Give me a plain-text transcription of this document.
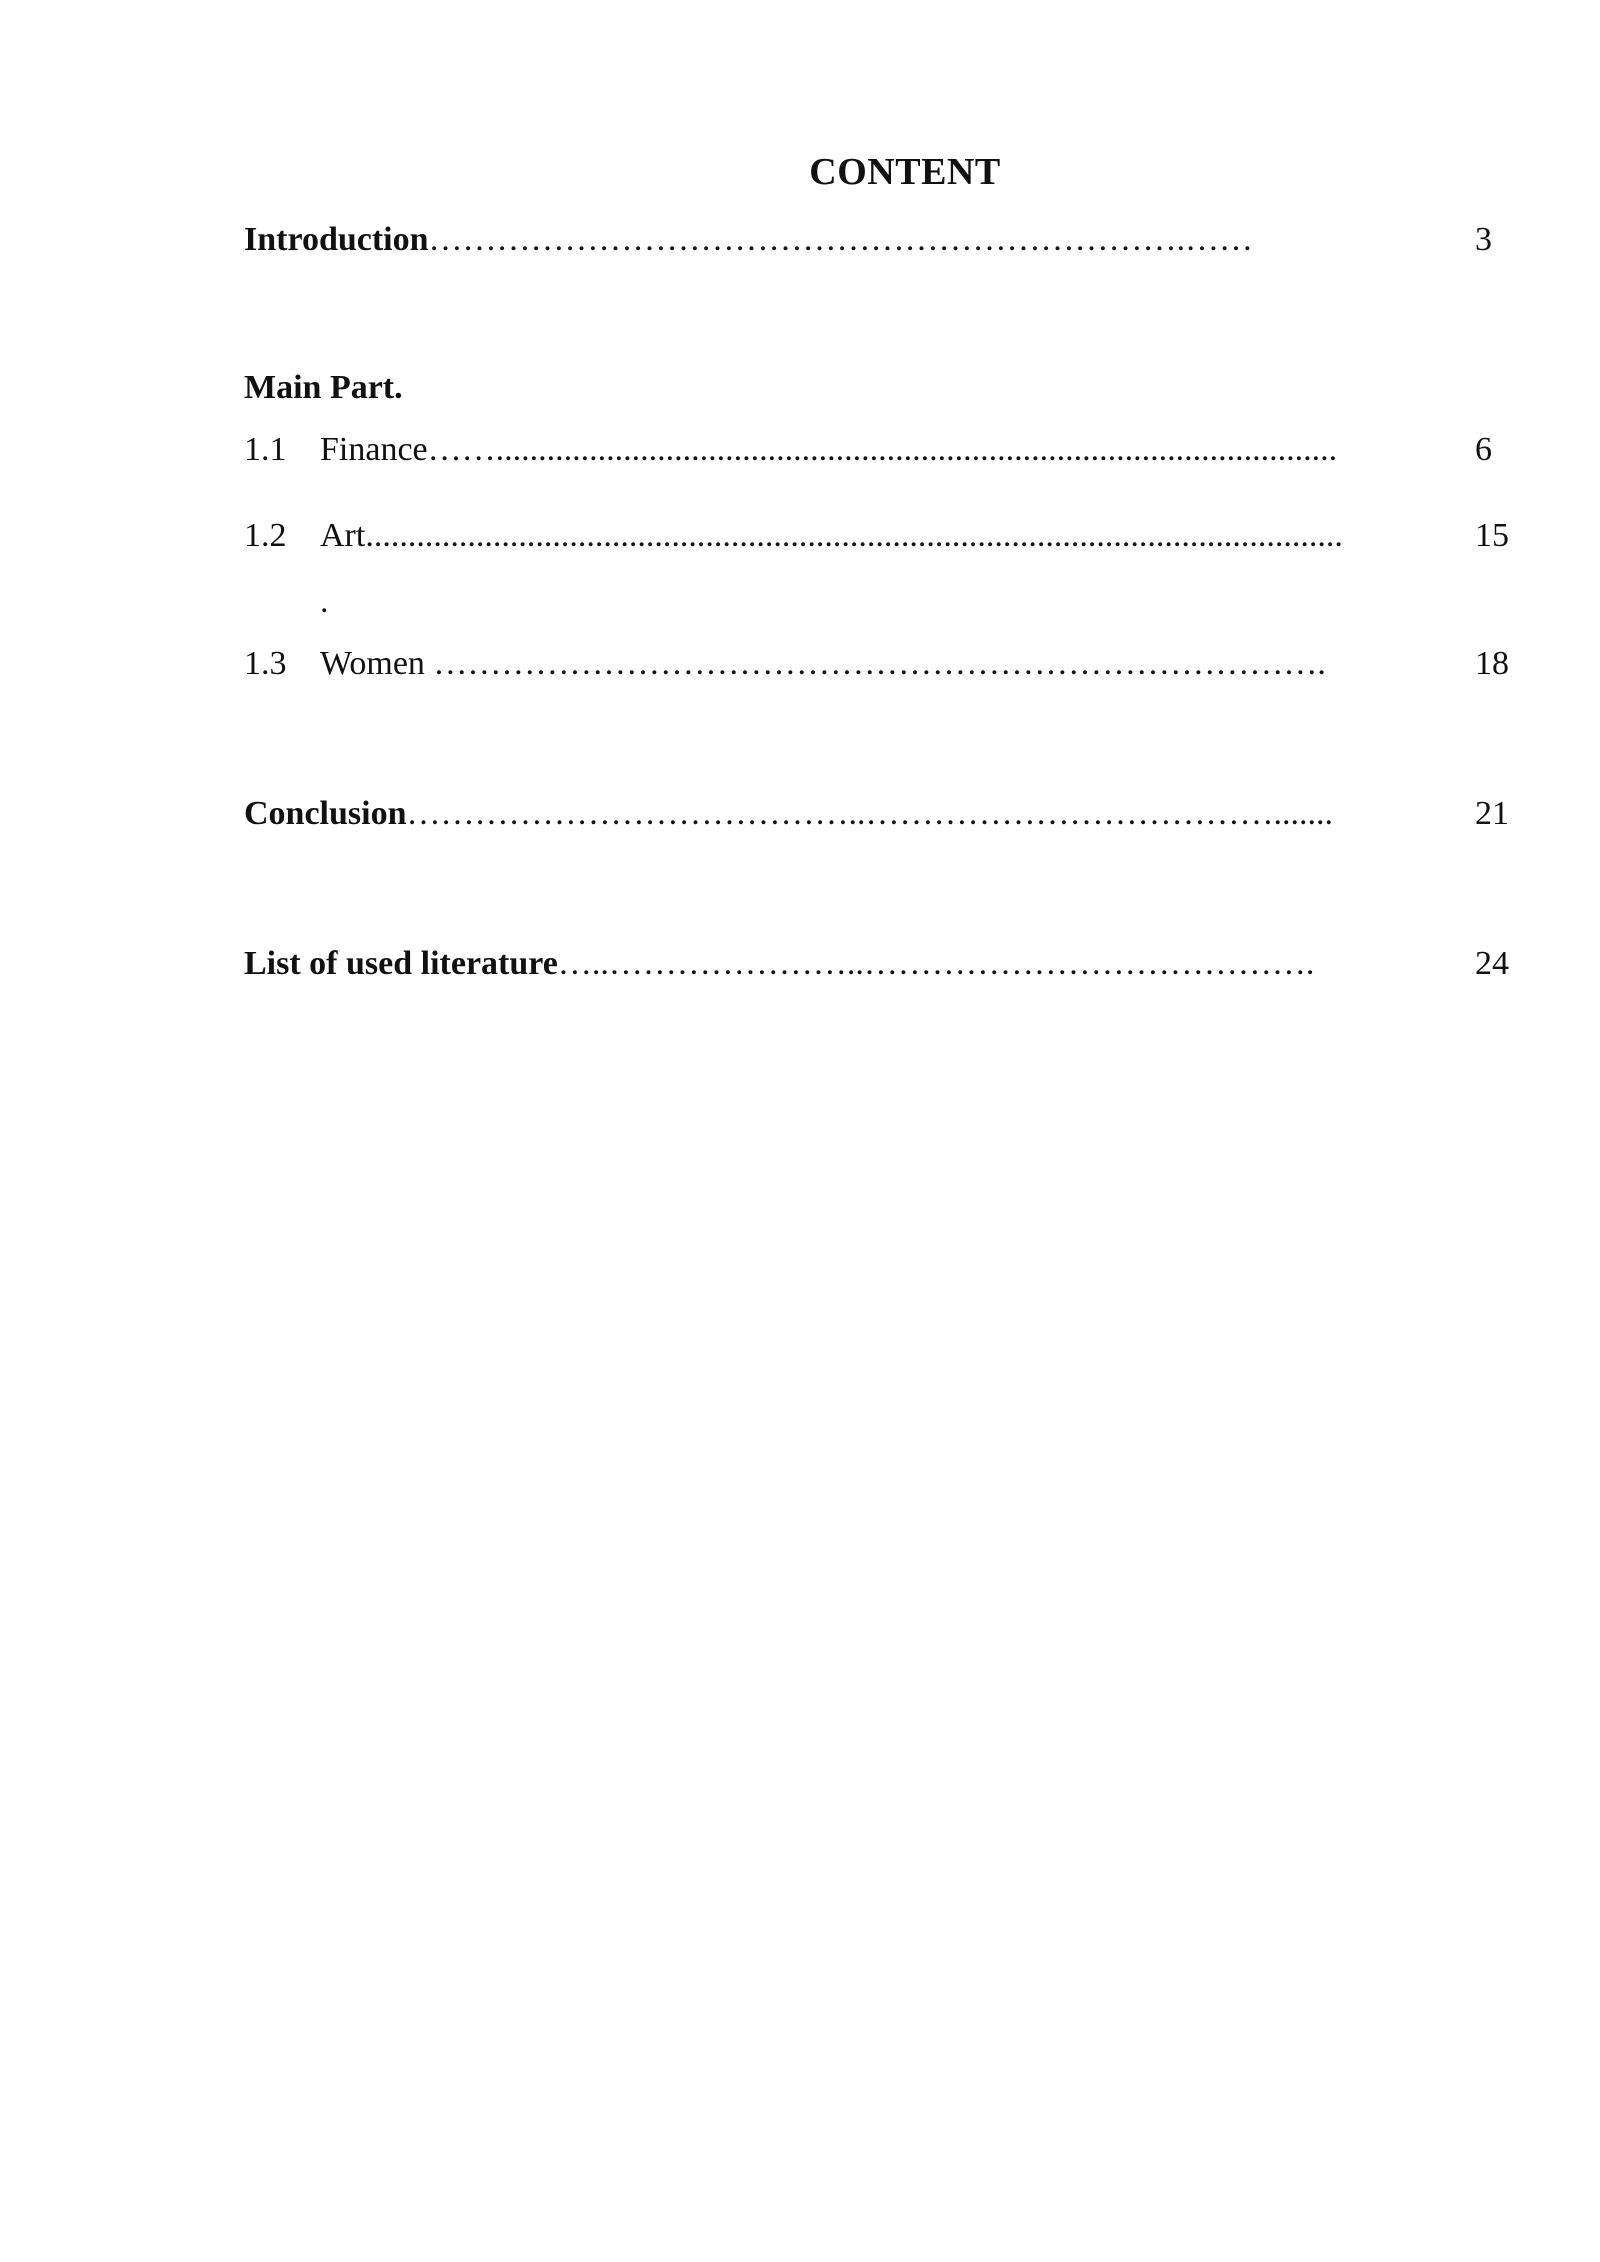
CONTENT
Introduction………………………………………………………….……	3
Main Part.
1.1 Finance……...................................................................................................	6
1.2 Art...................................................................................................................	15
.
1.3 Women …………………………………………………………………….	18
Conclusion…………………………………..……………………………….......	21
List of used literature…..…………………..………………………………….	24
